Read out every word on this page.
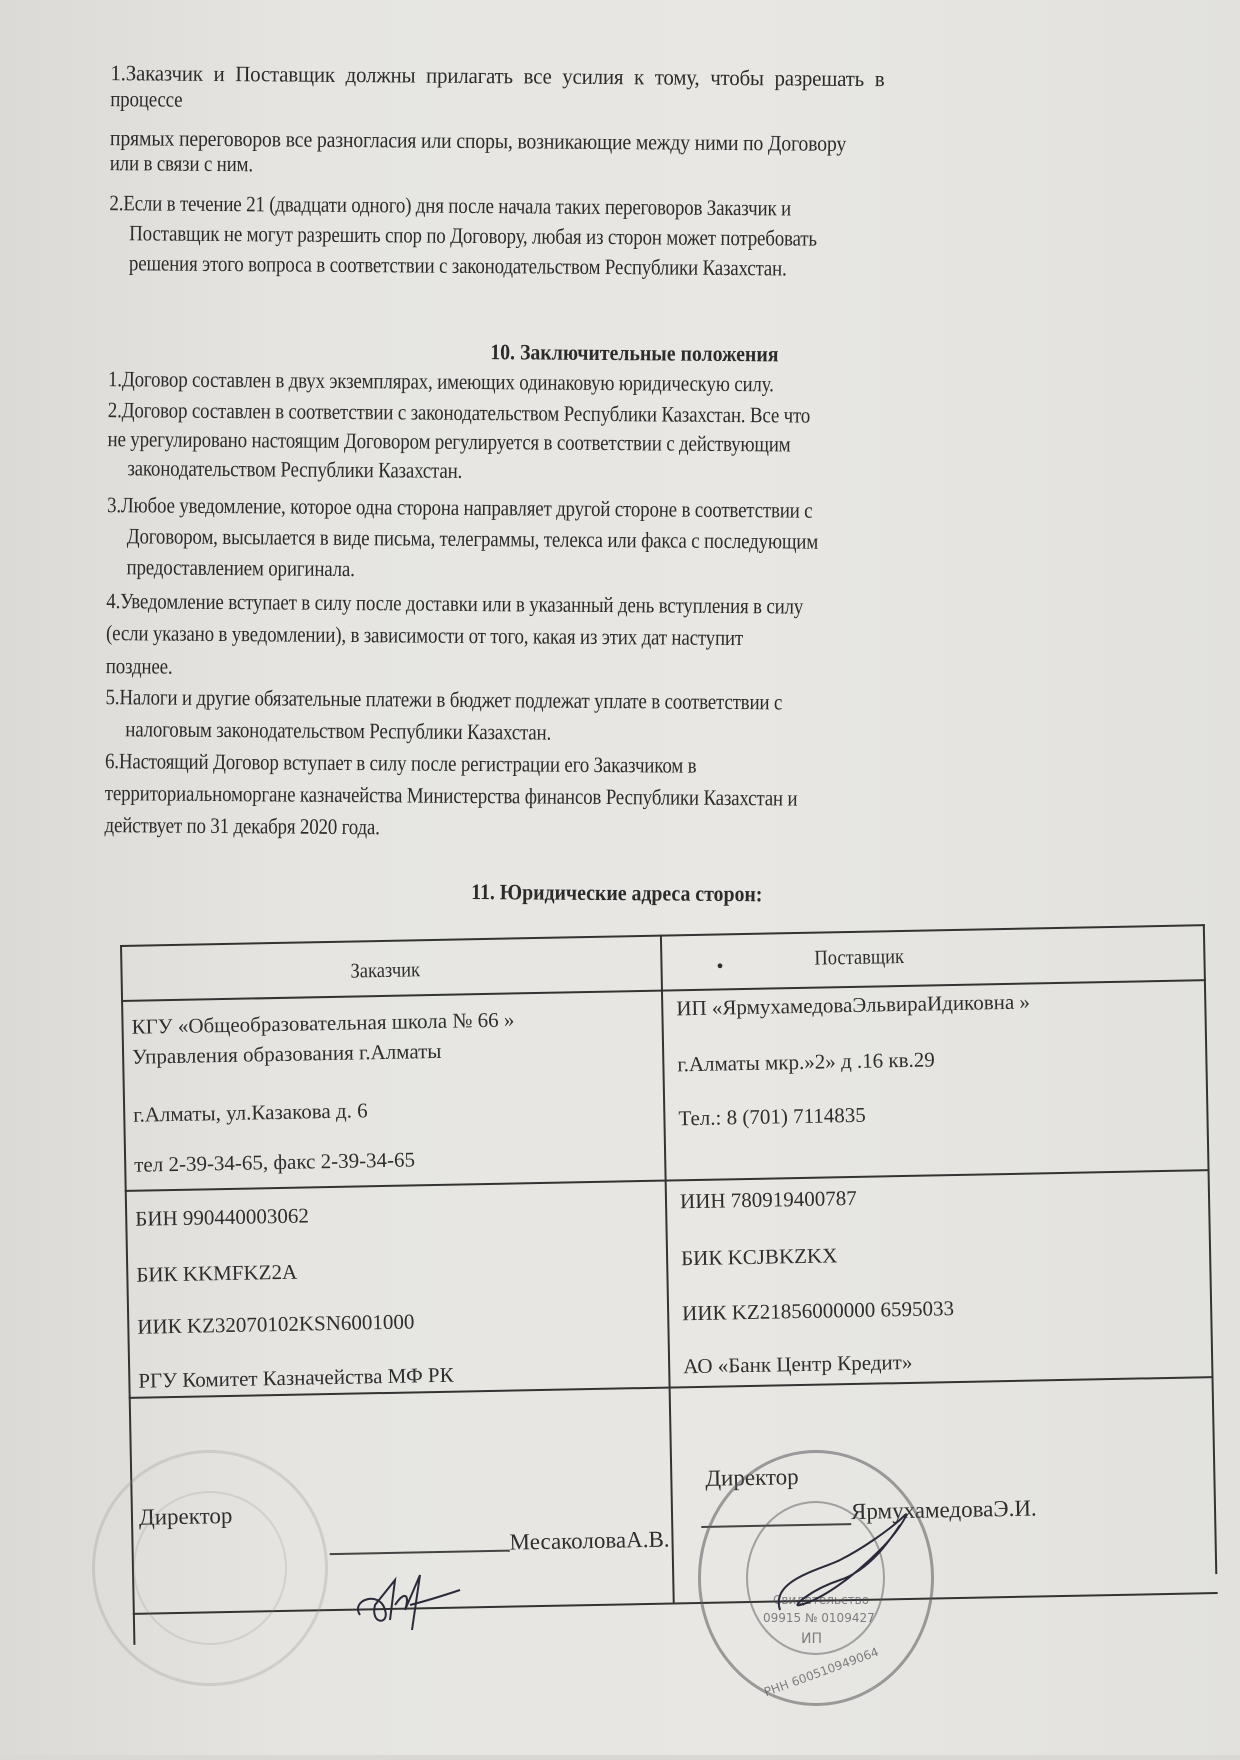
1.Заказчик и Поставщик должны прилагать все усилия к тому, чтобы разрешать в
процессе
прямых переговоров все разногласия или споры, возникающие между ними по Договору
или в связи с ним.
2.Если в течение 21 (двадцати одного) дня после начала таких переговоров Заказчик и
Поставщик не могут разрешить спор по Договору, любая из сторон может потребовать
решения этого вопроса в соответствии с законодательством Республики Казахстан.
10. Заключительные положения
1.Договор составлен в двух экземплярах, имеющих одинаковую юридическую силу.
2.Договор составлен в соответствии с законодательством Республики Казахстан. Все что
не урегулировано настоящим Договором регулируется в соответствии с действующим
законодательством Республики Казахстан.
3.Любое уведомление, которое одна сторона направляет другой стороне в соответствии с
Договором, высылается в виде письма, телеграммы, телекса или факса с последующим
предоставлением оригинала.
4.Уведомление вступает в силу после доставки или в указанный день вступления в силу
(если указано в уведомлении), в зависимости от того, какая из этих дат наступит
позднее.
5.Налоги и другие обязательные платежи в бюджет подлежат уплате в соответствии с
налоговым законодательством Республики Казахстан.
6.Настоящий Договор вступает в силу после регистрации его Заказчиком в
территориальноморгане казначейства Министерства финансов Республики Казахстан и
действует по 31 декабря 2020 года.
11. Юридические адреса сторон:
Заказчик	•	Поставщик
КГУ «Общеобразовательная школа № 66 »
Управления образования г.Алматы
г.Алматы, ул.Казакова д. 6
тел 2-39-34-65, факс 2-39-34-65
ИП «ЯрмухамедоваЭльвираИдиковна »
г.Алматы мкр.»2» д .16 кв.29
Тел.: 8 (701) 7114835
БИН 990440003062
БИК KKMFKZ2A
ИИК KZ32070102KSN6001000
РГУ Комитет Казначейства МФ РК
ИИН 780919400787
БИК KCJBKZKX
ИИК KZ21856000000 6595033
АО «Банк Центр Кредит»
Директор
МесаколоваА.В.
Директор
ЯрмухамедоваЭ.И.
Свидетельство
09915 № 0109427
ИП
РНН 600510949064
